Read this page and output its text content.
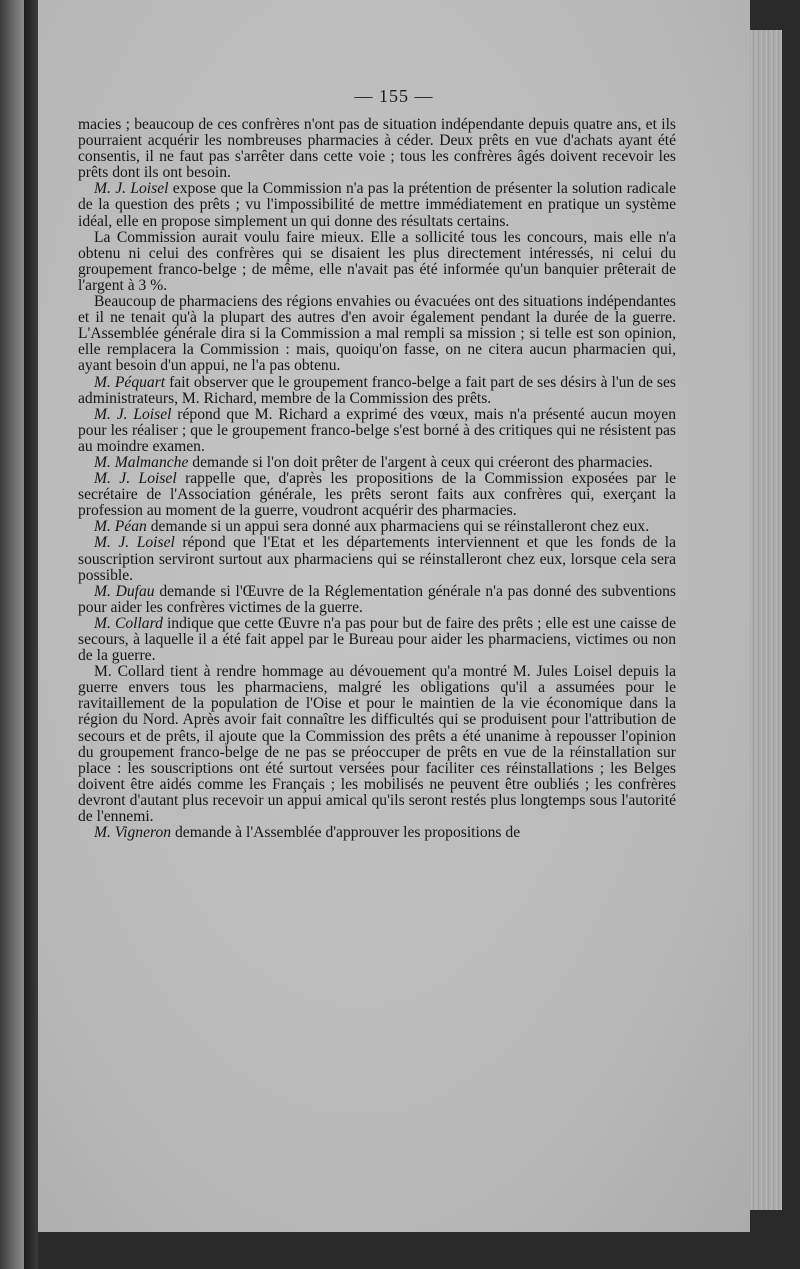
— 155 —

macies ; beaucoup de ces confrères n'ont pas de situation indépendante depuis quatre ans, et ils pourraient acquérir les nombreuses pharmacies à céder. Deux prêts en vue d'achats ayant été consentis, il ne faut pas s'arrêter dans cette voie ; tous les confrères âgés doivent recevoir les prêts dont ils ont besoin.

M. J. Loisel expose que la Commission n'a pas la prétention de présenter la solution radicale de la question des prêts ; vu l'impossibilité de mettre immédiatement en pratique un système idéal, elle en propose simplement un qui donne des résultats certains.

La Commission aurait voulu faire mieux. Elle a sollicité tous les concours, mais elle n'a obtenu ni celui des confrères qui se disaient les plus directement intéressés, ni celui du groupement franco-belge ; de même, elle n'avait pas été informée qu'un banquier prêterait de l'argent à 3 %.

Beaucoup de pharmaciens des régions envahies ou évacuées ont des situations indépendantes et il ne tenait qu'à la plupart des autres d'en avoir également pendant la durée de la guerre. L'Assemblée générale dira si la Commission a mal rempli sa mission ; si telle est son opinion, elle remplacera la Commission : mais, quoiqu'on fasse, on ne citera aucun pharmacien qui, ayant besoin d'un appui, ne l'a pas obtenu.

M. Péquart fait observer que le groupement franco-belge a fait part de ses désirs à l'un de ses administrateurs, M. Richard, membre de la Commission des prêts.

M. J. Loisel répond que M. Richard a exprimé des vœux, mais n'a présenté aucun moyen pour les réaliser ; que le groupement franco-belge s'est borné à des critiques qui ne résistent pas au moindre examen.

M. Malmanche demande si l'on doit prêter de l'argent à ceux qui créeront des pharmacies.

M. J. Loisel rappelle que, d'après les propositions de la Commission exposées par le secrétaire de l'Association générale, les prêts seront faits aux confrères qui, exerçant la profession au moment de la guerre, voudront acquérir des pharmacies.

M. Péan demande si un appui sera donné aux pharmaciens qui se réinstalleront chez eux.

M. J. Loisel répond que l'Etat et les départements interviennent et que les fonds de la souscription serviront surtout aux pharmaciens qui se réinstalleront chez eux, lorsque cela sera possible.

M. Dufau demande si l'Œuvre de la Réglementation générale n'a pas donné des subventions pour aider les confrères victimes de la guerre.

M. Collard indique que cette Œuvre n'a pas pour but de faire des prêts ; elle est une caisse de secours, à laquelle il a été fait appel par le Bureau pour aider les pharmaciens, victimes ou non de la guerre.

M. Collard tient à rendre hommage au dévouement qu'a montré M. Jules Loisel depuis la guerre envers tous les pharmaciens, malgré les obligations qu'il a assumées pour le ravitaillement de la population de l'Oise et pour le maintien de la vie économique dans la région du Nord. Après avoir fait connaître les difficultés qui se produisent pour l'attribution de secours et de prêts, il ajoute que la Commission des prêts a été unanime à repousser l'opinion du groupement franco-belge de ne pas se préoccuper de prêts en vue de la réinstallation sur place : les souscriptions ont été surtout versées pour faciliter ces réinstallations ; les Belges doivent être aidés comme les Français ; les mobilisés ne peuvent être oubliés ; les confrères devront d'autant plus recevoir un appui amical qu'ils seront restés plus longtemps sous l'autorité de l'ennemi.

M. Vigneron demande à l'Assemblée d'approuver les propositions de
